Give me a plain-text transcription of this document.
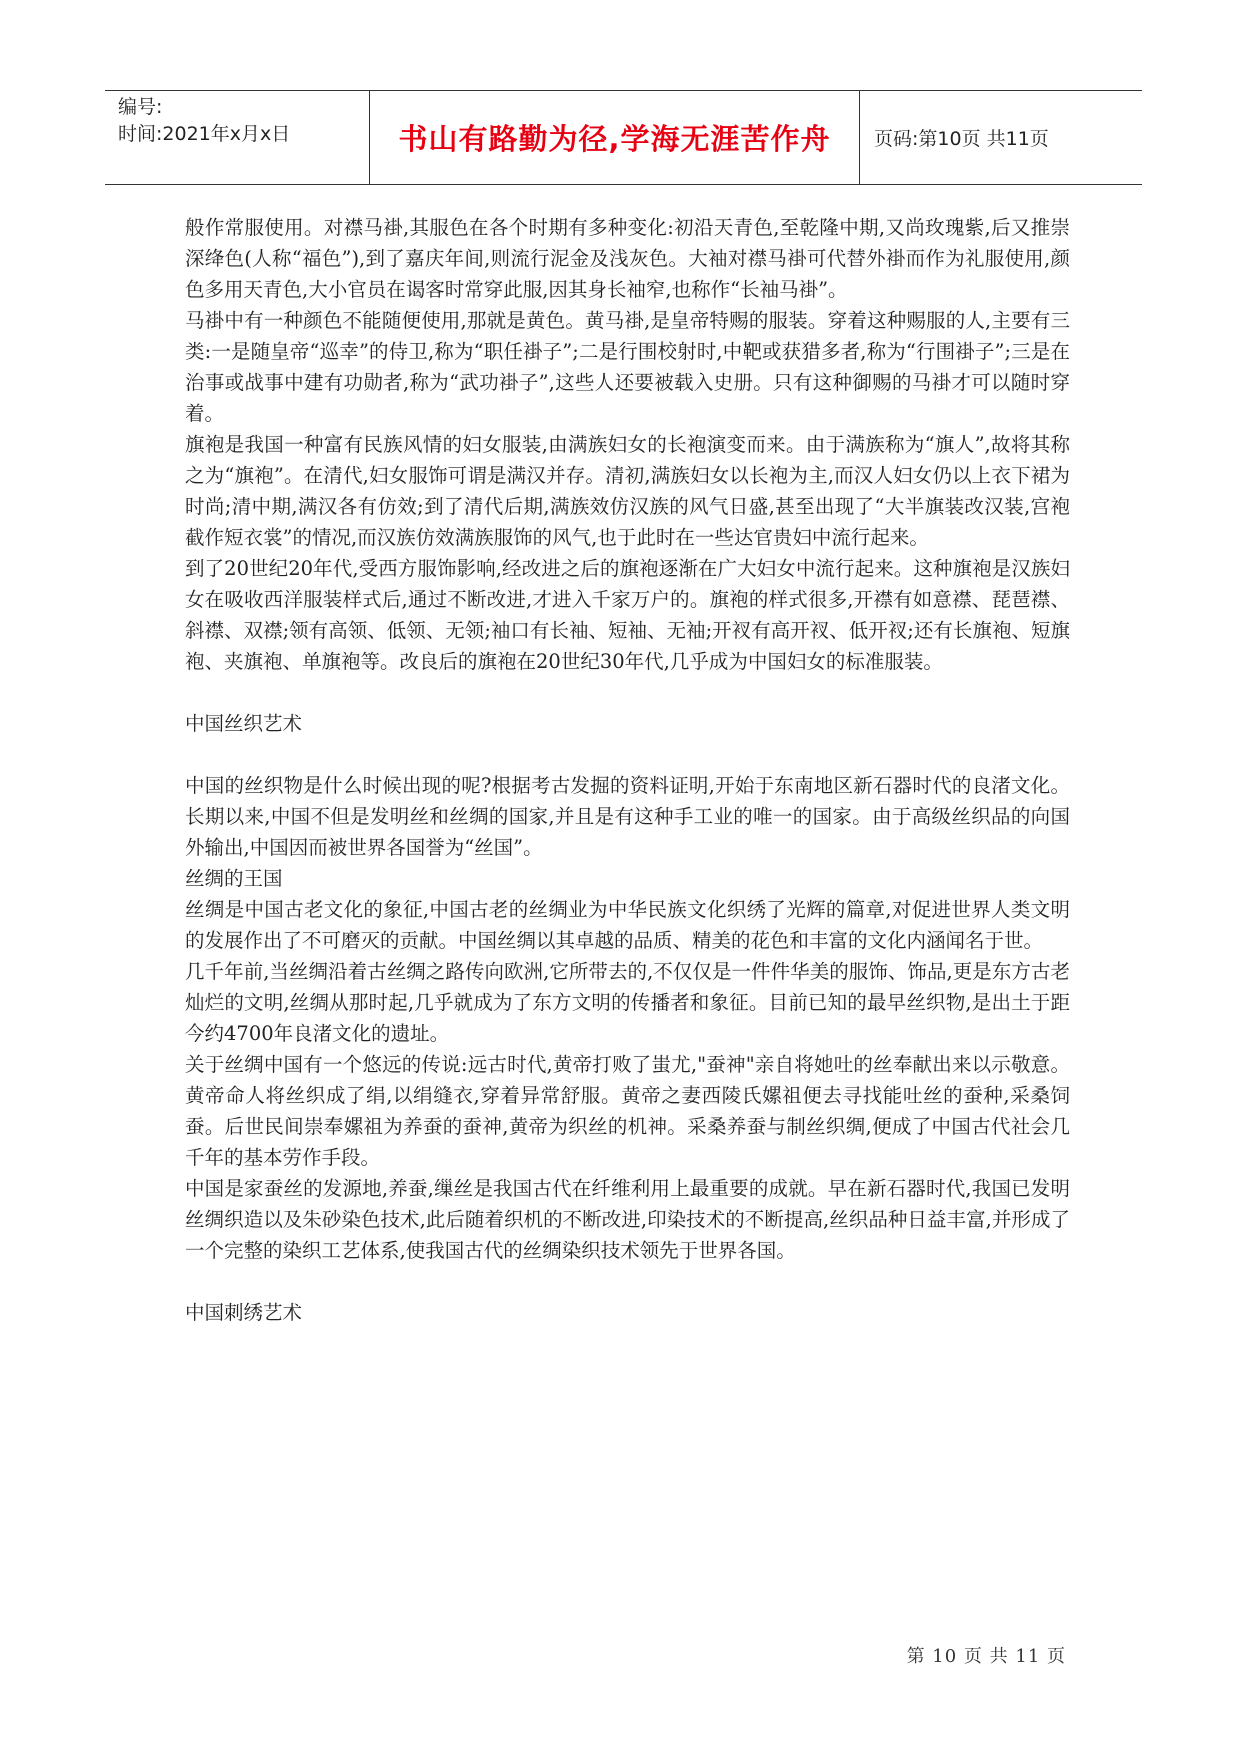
编号:
时间:2021年x月x日	书山有路勤为径,学海无涯苦作舟	页码:第10页 共11页

般作常服使用。对襟马褂,其服色在各个时期有多种变化:初沿天青色,至乾隆中期,又尚玫瑰紫,后又推崇深绛色(人称“福色”),到了嘉庆年间,则流行泥金及浅灰色。大袖对襟马褂可代替外褂而作为礼服使用,颜色多用天青色,大小官员在谒客时常穿此服,因其身长袖窄,也称作“长袖马褂”。

马褂中有一种颜色不能随便使用,那就是黄色。黄马褂,是皇帝特赐的服装。穿着这种赐服的人,主要有三类:一是随皇帝“巡幸”的侍卫,称为“职任褂子”;二是行围校射时,中靶或获猎多者,称为“行围褂子”;三是在治事或战事中建有功勋者,称为“武功褂子”,这些人还要被载入史册。只有这种御赐的马褂才可以随时穿着。

旗袍是我国一种富有民族风情的妇女服装,由满族妇女的长袍演变而来。由于满族称为“旗人”,故将其称之为“旗袍”。在清代,妇女服饰可谓是满汉并存。清初,满族妇女以长袍为主,而汉人妇女仍以上衣下裙为时尚;清中期,满汉各有仿效;到了清代后期,满族效仿汉族的风气日盛,甚至出现了“大半旗装改汉装,宫袍截作短衣裳”的情况,而汉族仿效满族服饰的风气,也于此时在一些达官贵妇中流行起来。

到了20世纪20年代,受西方服饰影响,经改进之后的旗袍逐渐在广大妇女中流行起来。这种旗袍是汉族妇女在吸收西洋服装样式后,通过不断改进,才进入千家万户的。旗袍的样式很多,开襟有如意襟、琵琶襟、斜襟、双襟;领有高领、低领、无领;袖口有长袖、短袖、无袖;开衩有高开衩、低开衩;还有长旗袍、短旗袍、夹旗袍、单旗袍等。改良后的旗袍在20世纪30年代,几乎成为中国妇女的标准服装。

中国丝织艺术

中国的丝织物是什么时候出现的呢?根据考古发掘的资料证明,开始于东南地区新石器时代的良渚文化。长期以来,中国不但是发明丝和丝绸的国家,并且是有这种手工业的唯一的国家。由于高级丝织品的向国外输出,中国因而被世界各国誉为“丝国”。

丝绸的王国

丝绸是中国古老文化的象征,中国古老的丝绸业为中华民族文化织绣了光辉的篇章,对促进世界人类文明的发展作出了不可磨灭的贡献。中国丝绸以其卓越的品质、精美的花色和丰富的文化内涵闻名于世。

几千年前,当丝绸沿着古丝绸之路传向欧洲,它所带去的,不仅仅是一件件华美的服饰、饰品,更是东方古老灿烂的文明,丝绸从那时起,几乎就成为了东方文明的传播者和象征。目前已知的最早丝织物,是出土于距今约4700年良渚文化的遗址。

关于丝绸中国有一个悠远的传说:远古时代,黄帝打败了蚩尤,"蚕神"亲自将她吐的丝奉献出来以示敬意。黄帝命人将丝织成了绢,以绢缝衣,穿着异常舒服。黄帝之妻西陵氏嫘祖便去寻找能吐丝的蚕种,采桑饲蚕。后世民间崇奉嫘祖为养蚕的蚕神,黄帝为织丝的机神。采桑养蚕与制丝织绸,便成了中国古代社会几千年的基本劳作手段。

中国是家蚕丝的发源地,养蚕,缫丝是我国古代在纤维利用上最重要的成就。早在新石器时代,我国已发明丝绸织造以及朱砂染色技术,此后随着织机的不断改进,印染技术的不断提高,丝织品种日益丰富,并形成了一个完整的染织工艺体系,使我国古代的丝绸染织技术领先于世界各国。

中国刺绣艺术

第 10 页 共 11 页
